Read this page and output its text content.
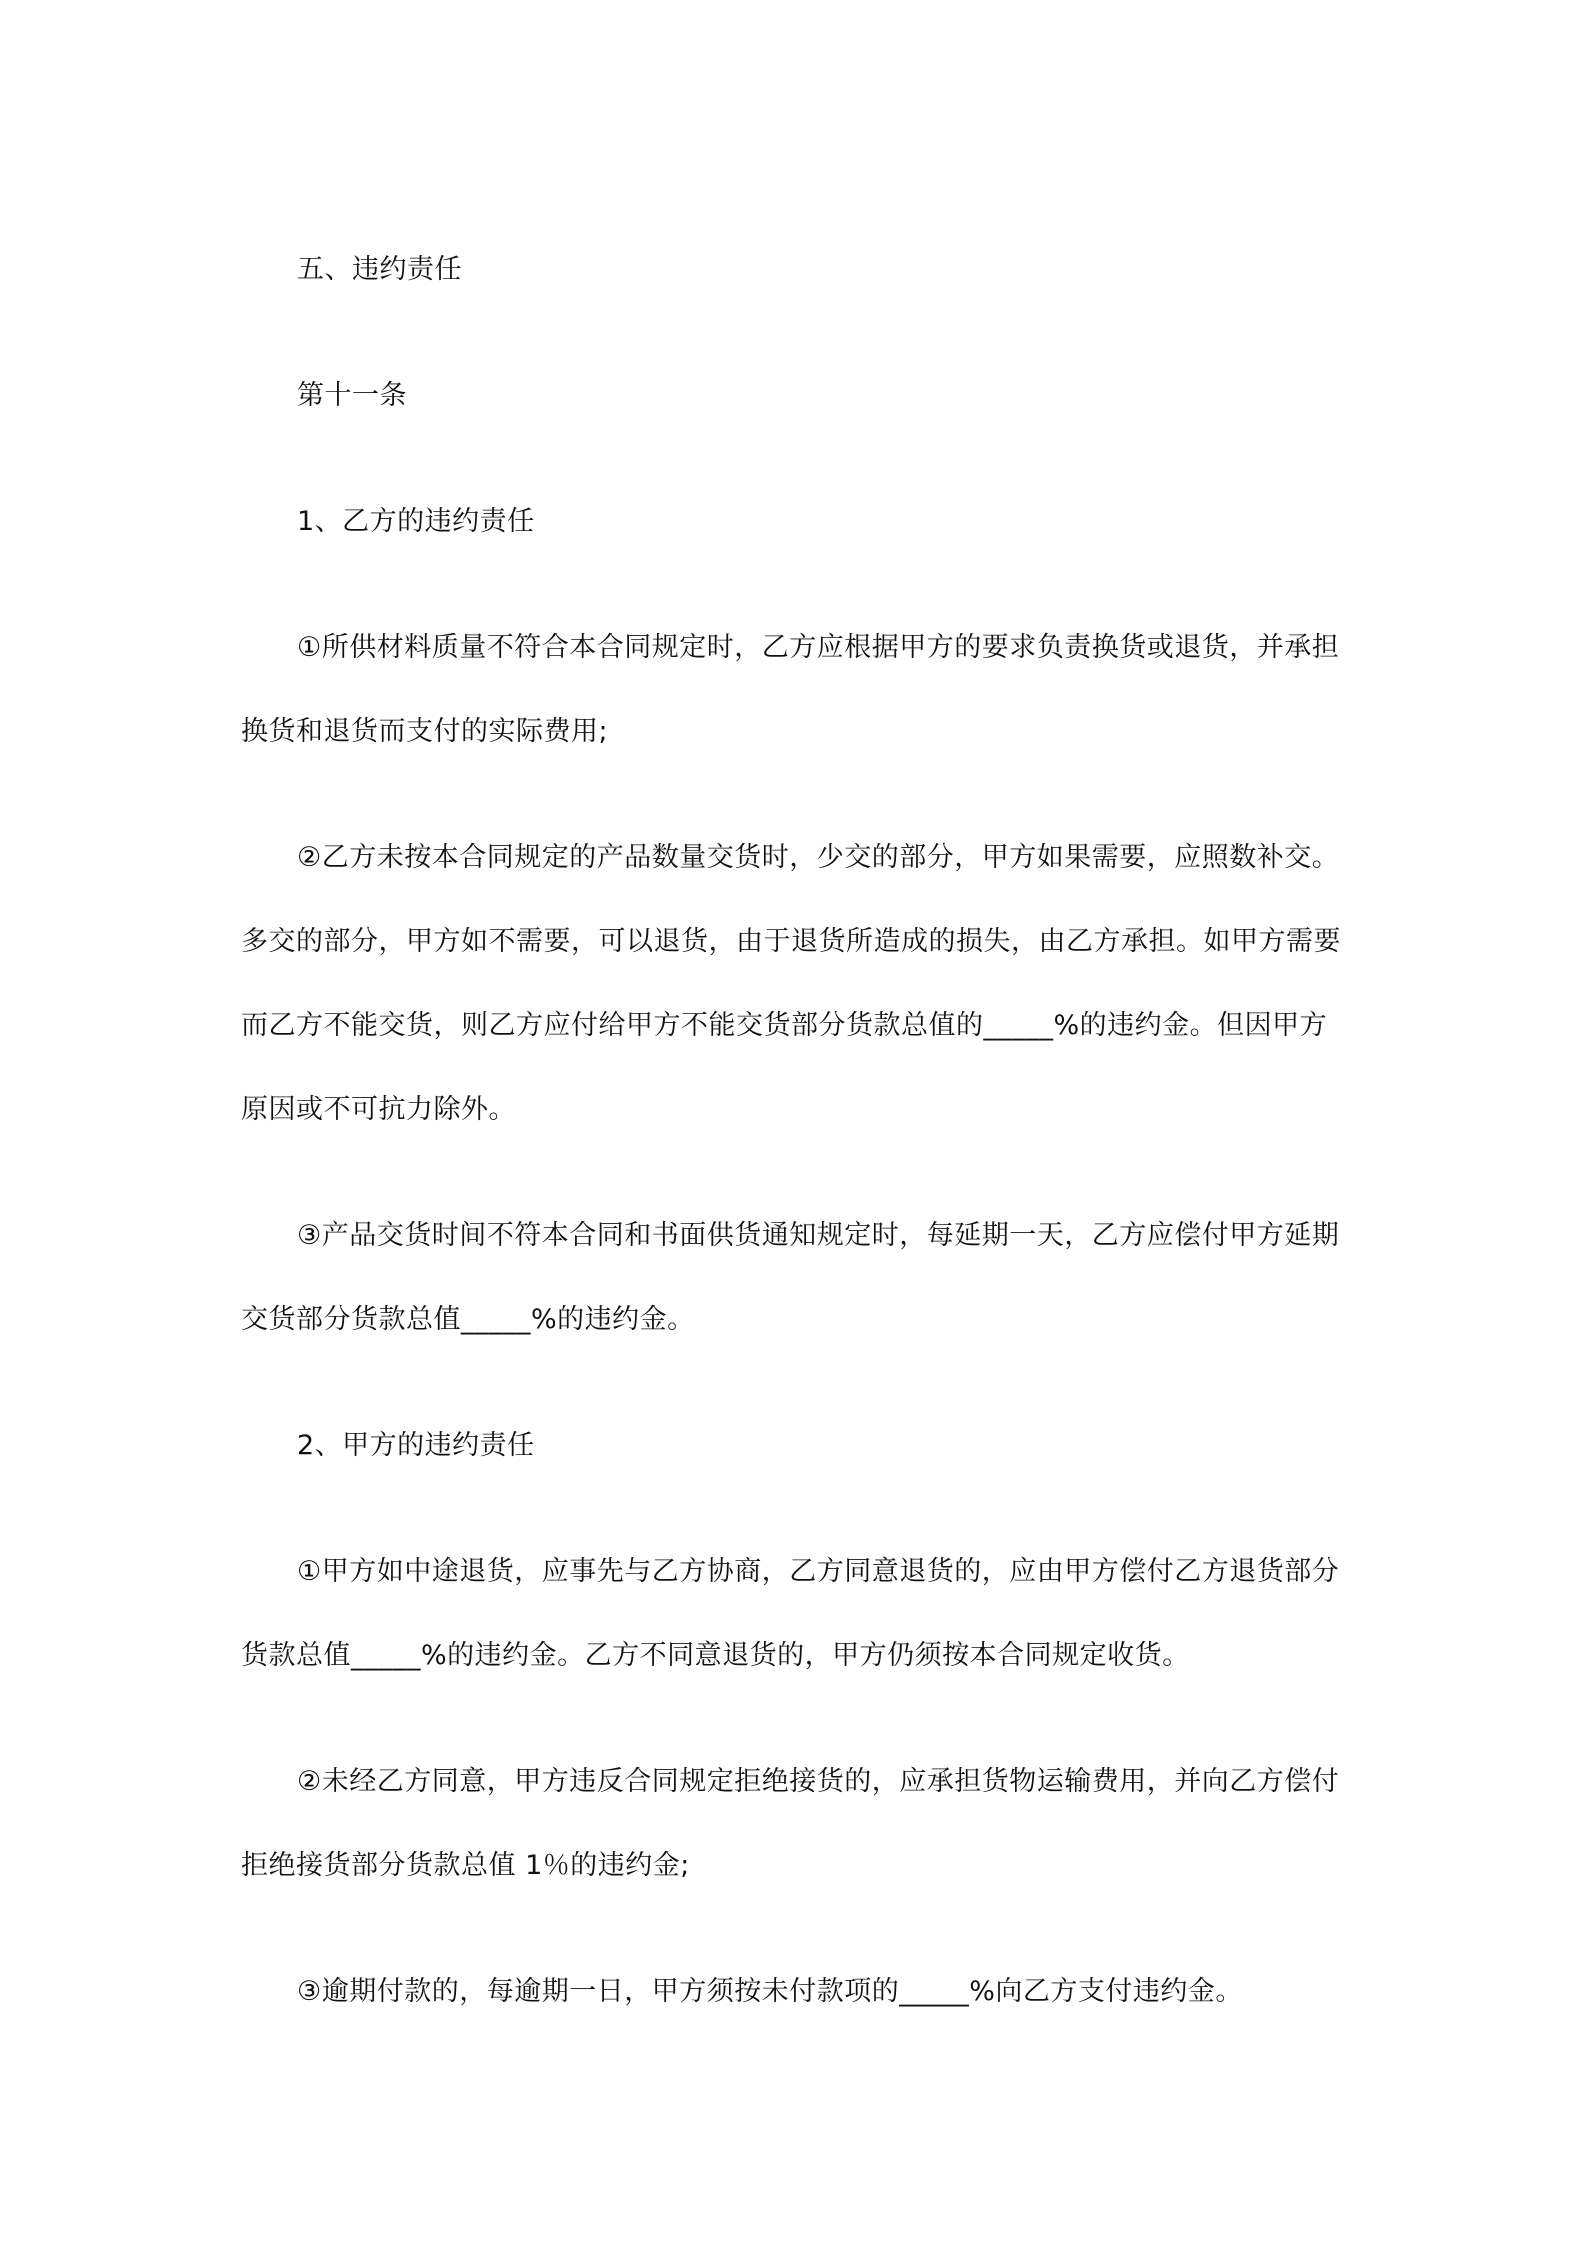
五、违约责任
第十一条
1、乙方的违约责任
①所供材料质量不符合本合同规定时，乙方应根据甲方的要求负责换货或退货，并承担
换货和退货而支付的实际费用;
②乙方未按本合同规定的产品数量交货时，少交的部分，甲方如果需要，应照数补交。
多交的部分，甲方如不需要，可以退货，由于退货所造成的损失，由乙方承担。如甲方需要
而乙方不能交货，则乙方应付给甲方不能交货部分货款总值的_____%的违约金。但因甲方
原因或不可抗力除外。
③产品交货时间不符本合同和书面供货通知规定时，每延期一天，乙方应偿付甲方延期
交货部分货款总值_____%的违约金。
2、甲方的违约责任
①甲方如中途退货，应事先与乙方协商，乙方同意退货的，应由甲方偿付乙方退货部分
货款总值_____%的违约金。乙方不同意退货的，甲方仍须按本合同规定收货。
②未经乙方同意，甲方违反合同规定拒绝接货的，应承担货物运输费用，并向乙方偿付
拒绝接货部分货款总值 1％的违约金;
③逾期付款的，每逾期一日，甲方须按未付款项的_____%向乙方支付违约金。
